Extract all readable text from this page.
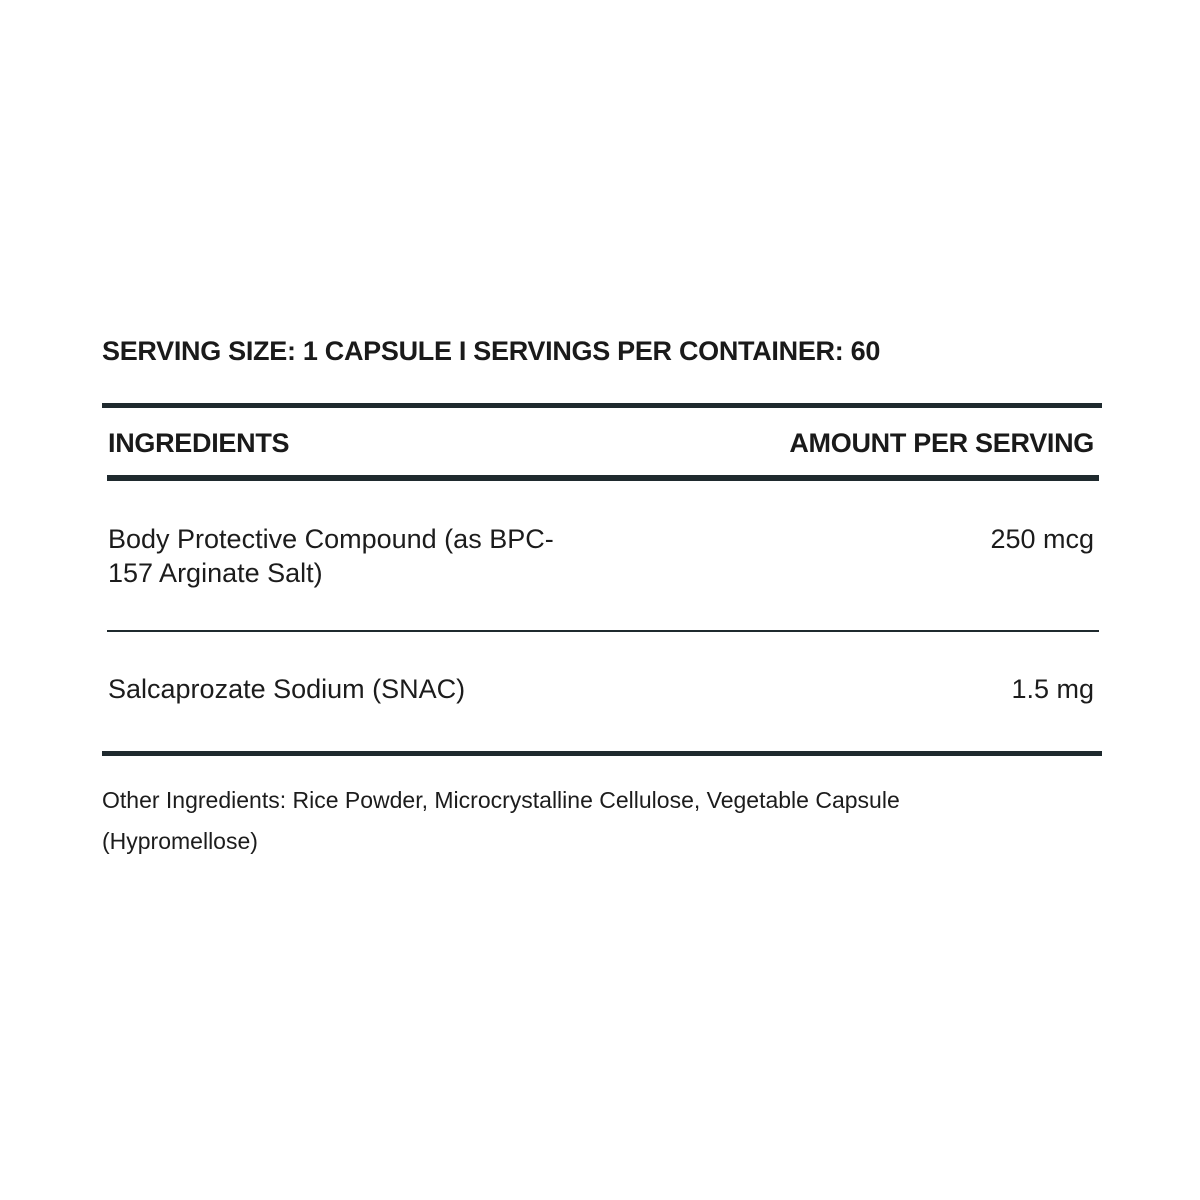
SERVING SIZE: 1 CAPSULE I SERVINGS PER CONTAINER: 60
INGREDIENTS	AMOUNT PER SERVING
Body Protective Compound (as BPC-157 Arginate Salt)
250 mcg
Salcaprozate Sodium (SNAC)	1.5 mg
Other Ingredients: Rice Powder, Microcrystalline Cellulose, Vegetable Capsule (Hypromellose)
